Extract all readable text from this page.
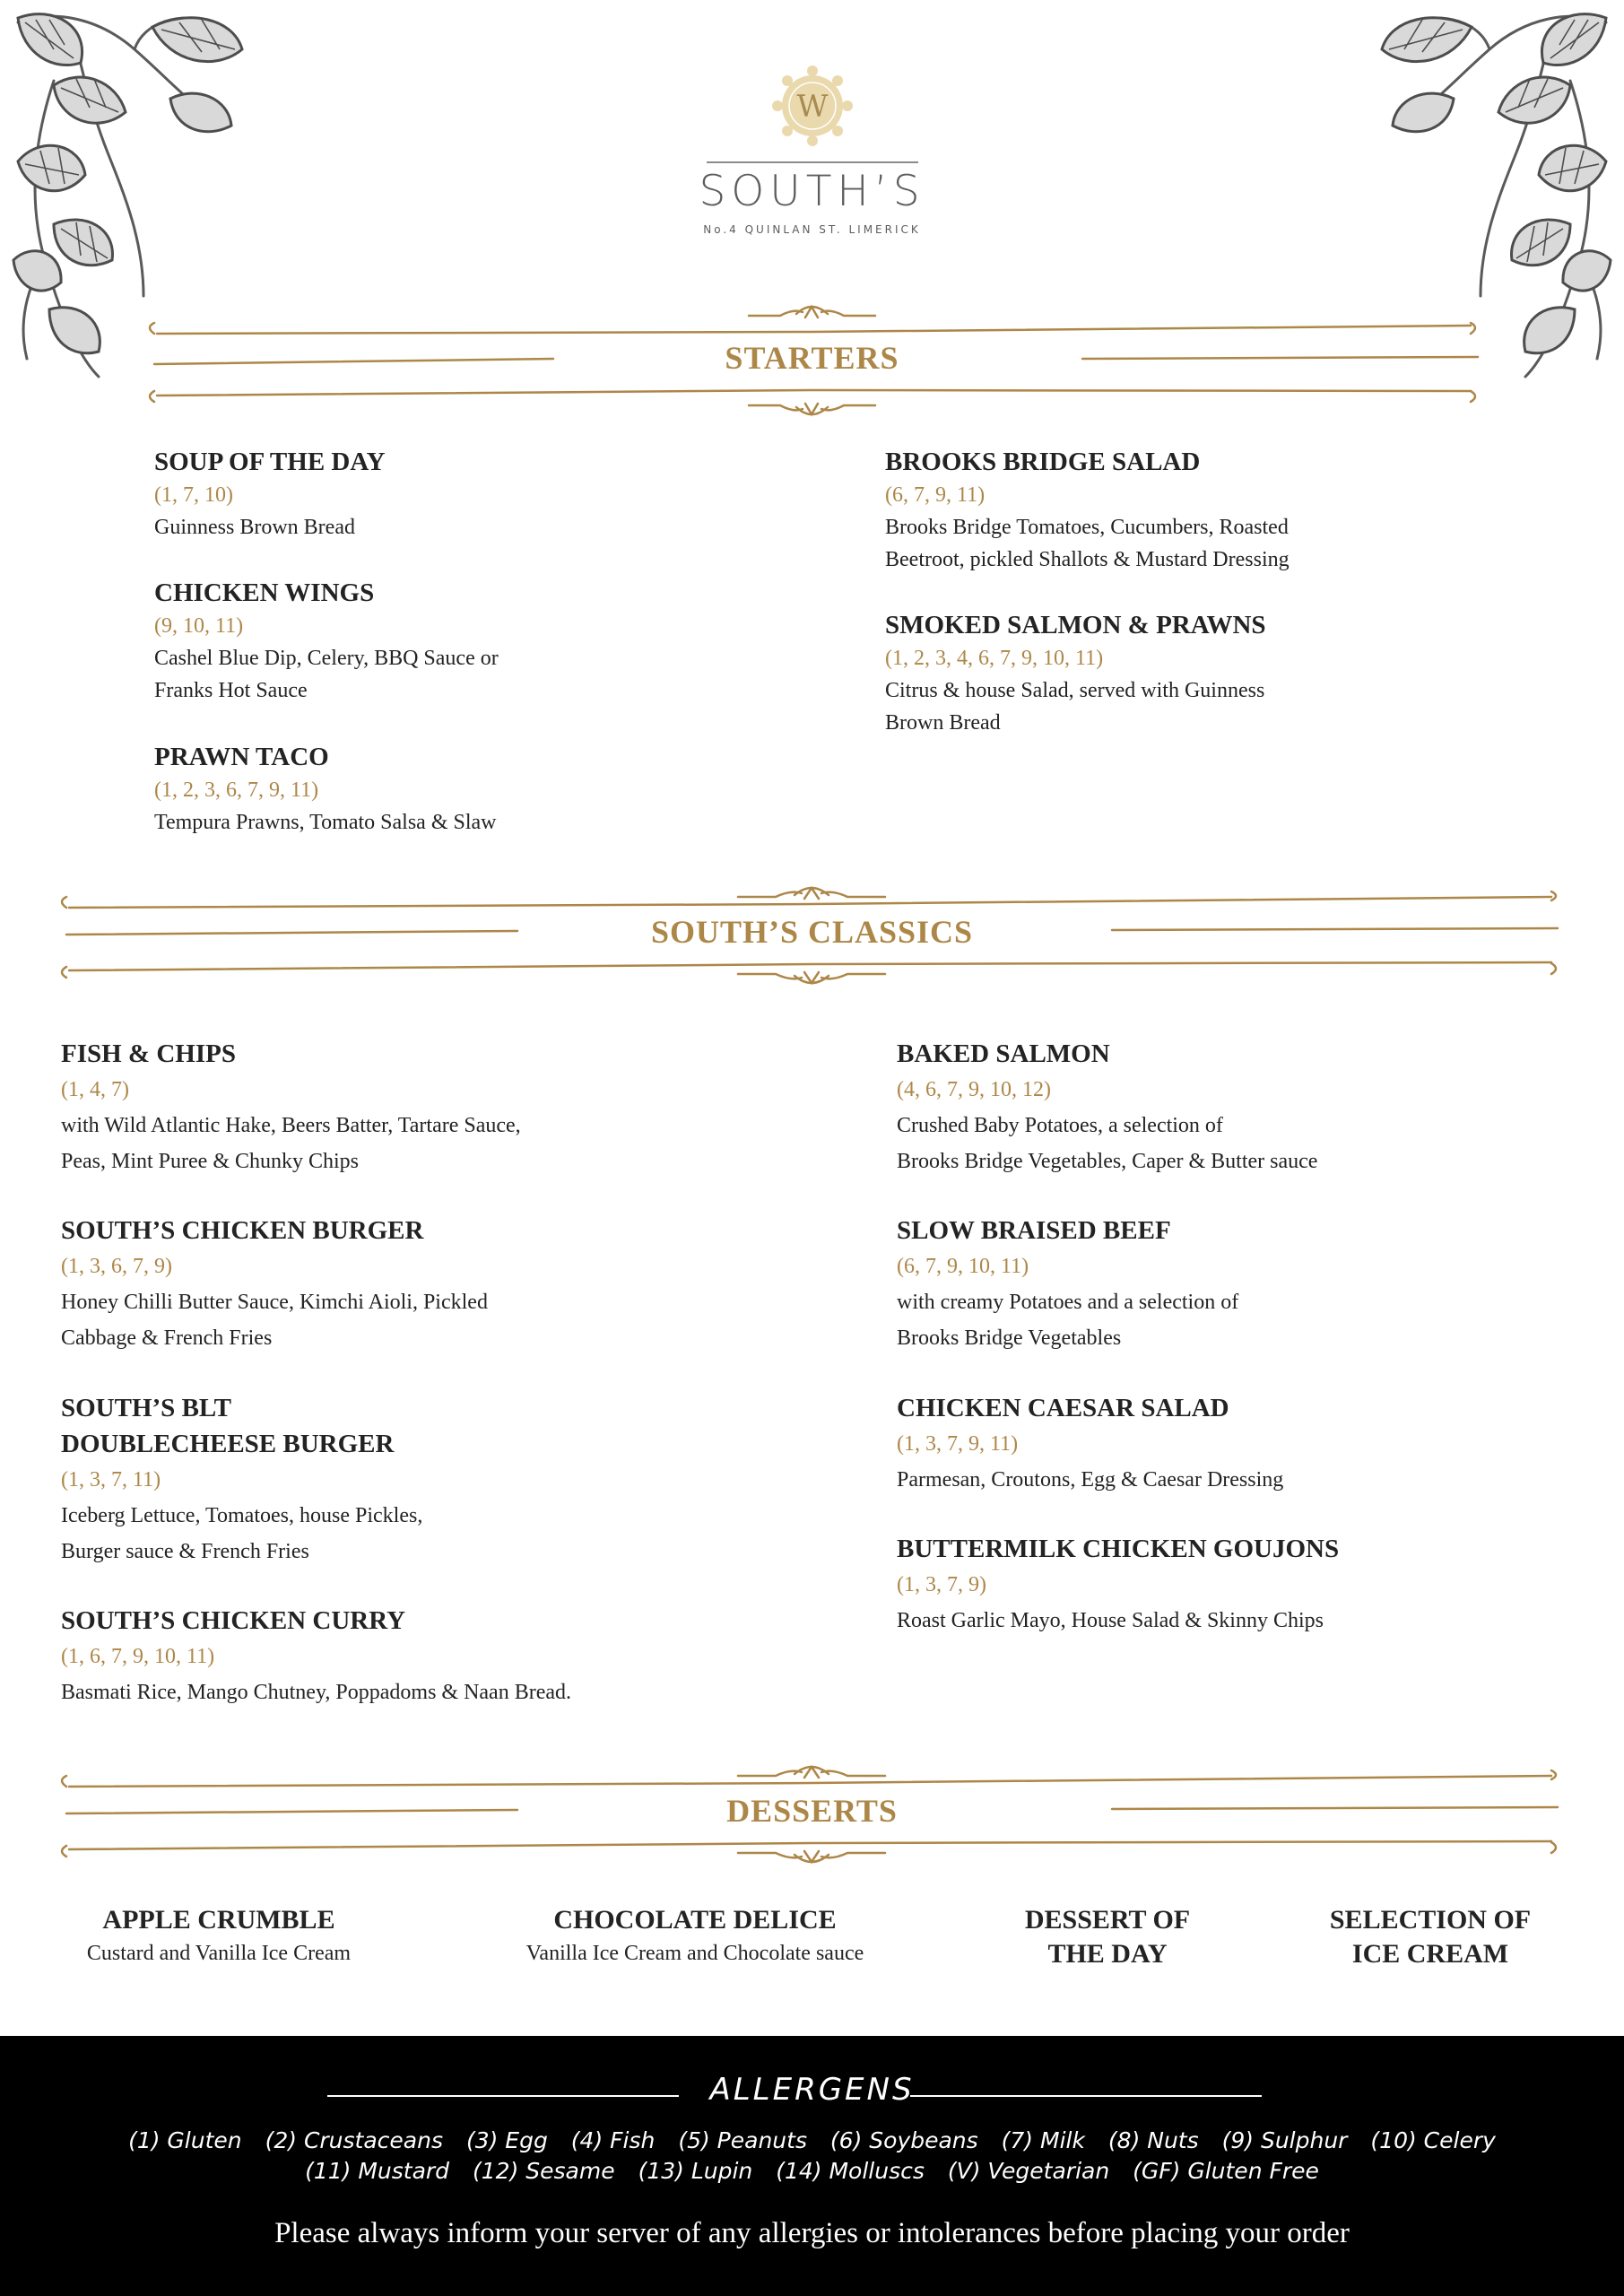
W
SOUTH’S
No.4 QUINLAN ST. LIMERICK
STARTERS
SOUP OF THE DAY
(1, 7, 10)
Guinness Brown Bread
CHICKEN WINGS
(9, 10, 11)
Cashel Blue Dip, Celery, BBQ Sauce or
Franks Hot Sauce
PRAWN TACO
(1, 2, 3, 6, 7, 9, 11)
Tempura Prawns, Tomato Salsa & Slaw
BROOKS BRIDGE SALAD
(6, 7, 9, 11)
Brooks Bridge Tomatoes, Cucumbers, Roasted
Beetroot, pickled Shallots & Mustard Dressing
SMOKED SALMON & PRAWNS
(1, 2, 3, 4, 6, 7, 9, 10, 11)
Citrus & house Salad, served with Guinness
Brown Bread
SOUTH’S CLASSICS
FISH & CHIPS
(1, 4, 7)
with Wild Atlantic Hake, Beers Batter, Tartare Sauce,
Peas, Mint Puree & Chunky Chips
SOUTH’S CHICKEN BURGER
(1, 3, 6, 7, 9)
Honey Chilli Butter Sauce, Kimchi Aioli, Pickled
Cabbage & French Fries
SOUTH’S BLT
DOUBLECHEESE BURGER
(1, 3, 7, 11)
Iceberg Lettuce, Tomatoes, house Pickles,
Burger sauce & French Fries
SOUTH’S CHICKEN CURRY
(1, 6, 7, 9, 10, 11)
Basmati Rice, Mango Chutney, Poppadoms & Naan Bread.
BAKED SALMON
(4, 6, 7, 9, 10, 12)
Crushed Baby Potatoes, a selection of
Brooks Bridge Vegetables, Caper & Butter sauce
SLOW BRAISED BEEF
(6, 7, 9, 10, 11)
with creamy Potatoes and a selection of
Brooks Bridge Vegetables
CHICKEN CAESAR SALAD
(1, 3, 7, 9, 11)
Parmesan, Croutons, Egg & Caesar Dressing
BUTTERMILK CHICKEN GOUJONS
(1, 3, 7, 9)
Roast Garlic Mayo, House Salad & Skinny Chips
DESSERTS
APPLE CRUMBLE
Custard and Vanilla Ice Cream
CHOCOLATE DELICE
Vanilla Ice Cream and Chocolate sauce
DESSERT OF
THE DAY
SELECTION OF
ICE CREAM
ALLERGENS
(1) Gluten (2) Crustaceans (3) Egg (4) Fish (5) Peanuts (6) Soybeans (7) Milk (8) Nuts (9) Sulphur (10) Celery (11) Mustard (12) Sesame (13) Lupin (14) Molluscs (V) Vegetarian (GF) Gluten Free
Please always inform your server of any allergies or intolerances before placing your order
